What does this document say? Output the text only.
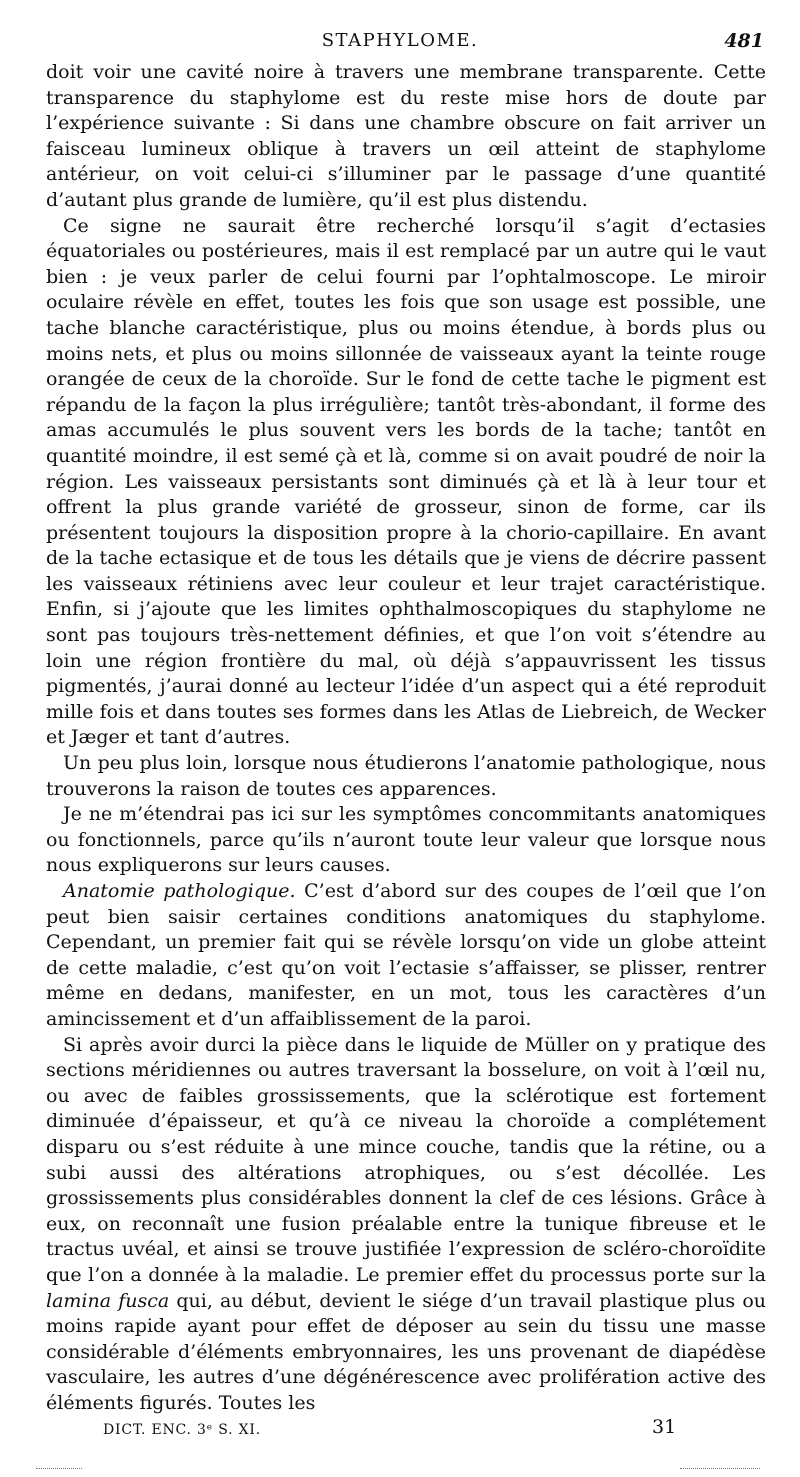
STAPHYLOME.	481

doit voir une cavité noire à travers une membrane transparente. Cette transparence du staphylome est du reste mise hors de doute par l’expérience suivante : Si dans une chambre obscure on fait arriver un faisceau lumineux oblique à travers un œil atteint de staphylome antérieur, on voit celui-ci s’illuminer par le passage d’une quantité d’autant plus grande de lumière, qu’il est plus distendu.

Ce signe ne saurait être recherché lorsqu’il s’agit d’ectasies équatoriales ou postérieures, mais il est remplacé par un autre qui le vaut bien : je veux parler de celui fourni par l’ophtalmoscope. Le miroir oculaire révèle en effet, toutes les fois que son usage est possible, une tache blanche caractéristique, plus ou moins étendue, à bords plus ou moins nets, et plus ou moins sillonnée de vaisseaux ayant la teinte rouge orangée de ceux de la choroïde. Sur le fond de cette tache le pigment est répandu de la façon la plus irrégulière; tantôt très-abondant, il forme des amas accumulés le plus souvent vers les bords de la tache; tantôt en quantité moindre, il est semé çà et là, comme si on avait poudré de noir la région. Les vaisseaux persistants sont diminués çà et là à leur tour et offrent la plus grande variété de grosseur, sinon de forme, car ils présentent toujours la disposition propre à la chorio-capillaire. En avant de la tache ectasique et de tous les détails que je viens de décrire passent les vaisseaux rétiniens avec leur couleur et leur trajet caractéristique. Enfin, si j’ajoute que les limites ophthalmoscopiques du staphylome ne sont pas toujours très-nettement définies, et que l’on voit s’étendre au loin une région frontière du mal, où déjà s’appauvrissent les tissus pigmentés, j’aurai donné au lecteur l’idée d’un aspect qui a été reproduit mille fois et dans toutes ses formes dans les Atlas de Liebreich, de Wecker et Jæger et tant d’autres.

Un peu plus loin, lorsque nous étudierons l’anatomie pathologique, nous trouverons la raison de toutes ces apparences.

Je ne m’étendrai pas ici sur les symptômes concommitants anatomiques ou fonctionnels, parce qu’ils n’auront toute leur valeur que lorsque nous nous expliquerons sur leurs causes.

Anatomie pathologique. C’est d’abord sur des coupes de l’œil que l’on peut bien saisir certaines conditions anatomiques du staphylome. Cependant, un premier fait qui se révèle lorsqu’on vide un globe atteint de cette maladie, c’est qu’on voit l’ectasie s’affaisser, se plisser, rentrer même en dedans, manifester, en un mot, tous les caractères d’un amincissement et d’un affaiblissement de la paroi.

Si après avoir durci la pièce dans le liquide de Müller on y pratique des sections méridiennes ou autres traversant la bosselure, on voit à l’œil nu, ou avec de faibles grossissements, que la sclérotique est fortement diminuée d’épaisseur, et qu’à ce niveau la choroïde a complétement disparu ou s’est réduite à une mince couche, tandis que la rétine, ou a subi aussi des altérations atrophiques, ou s’est décollée. Les grossissements plus considérables donnent la clef de ces lésions. Grâce à eux, on reconnaît une fusion préalable entre la tunique fibreuse et le tractus uvéal, et ainsi se trouve justifiée l’expression de scléro-choroïdite que l’on a donnée à la maladie. Le premier effet du processus porte sur la lamina fusca qui, au début, devient le siége d’un travail plastique plus ou moins rapide ayant pour effet de déposer au sein du tissu une masse considérable d’éléments embryonnaires, les uns provenant de diapédèse vasculaire, les autres d’une dégénérescence avec prolifération active des éléments figurés. Toutes les

DICT. ENC. 3ᵉ S. XI.	31
